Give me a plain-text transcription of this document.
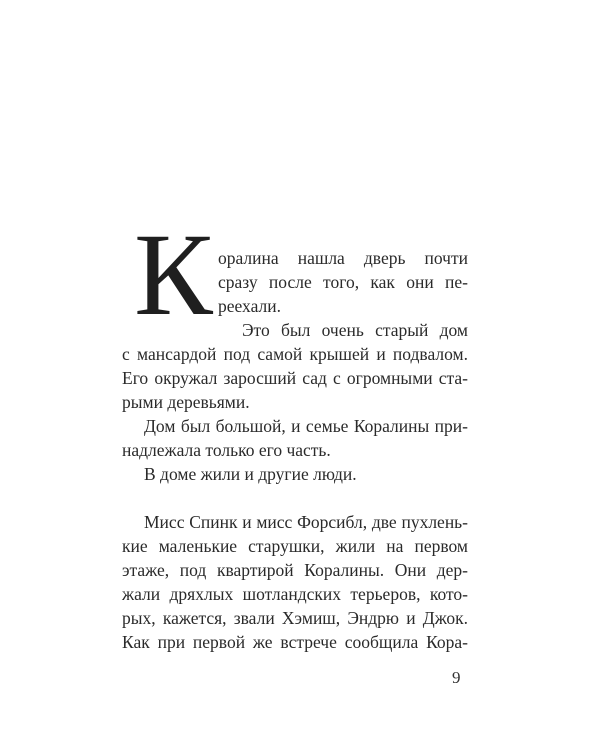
К оралина нашла дверь почти
сразу после того, как они пе-
реехали.
Это был очень старый дом
с мансардой под самой крышей и подвалом.
Его окружал заросший сад с огромными ста-
рыми деревьями.
Дом был большой, и семье Коралины при-
надлежала только его часть.
В доме жили и другие люди.
Мисс Спинк и мисс Форсибл, две пухлень-
кие маленькие старушки, жили на первом
этаже, под квартирой Коралины. Они дер-
жали дряхлых шотландских терьеров, кото-
рых, кажется, звали Хэмиш, Эндрю и Джок.
Как при первой же встрече сообщила Кора-
9
